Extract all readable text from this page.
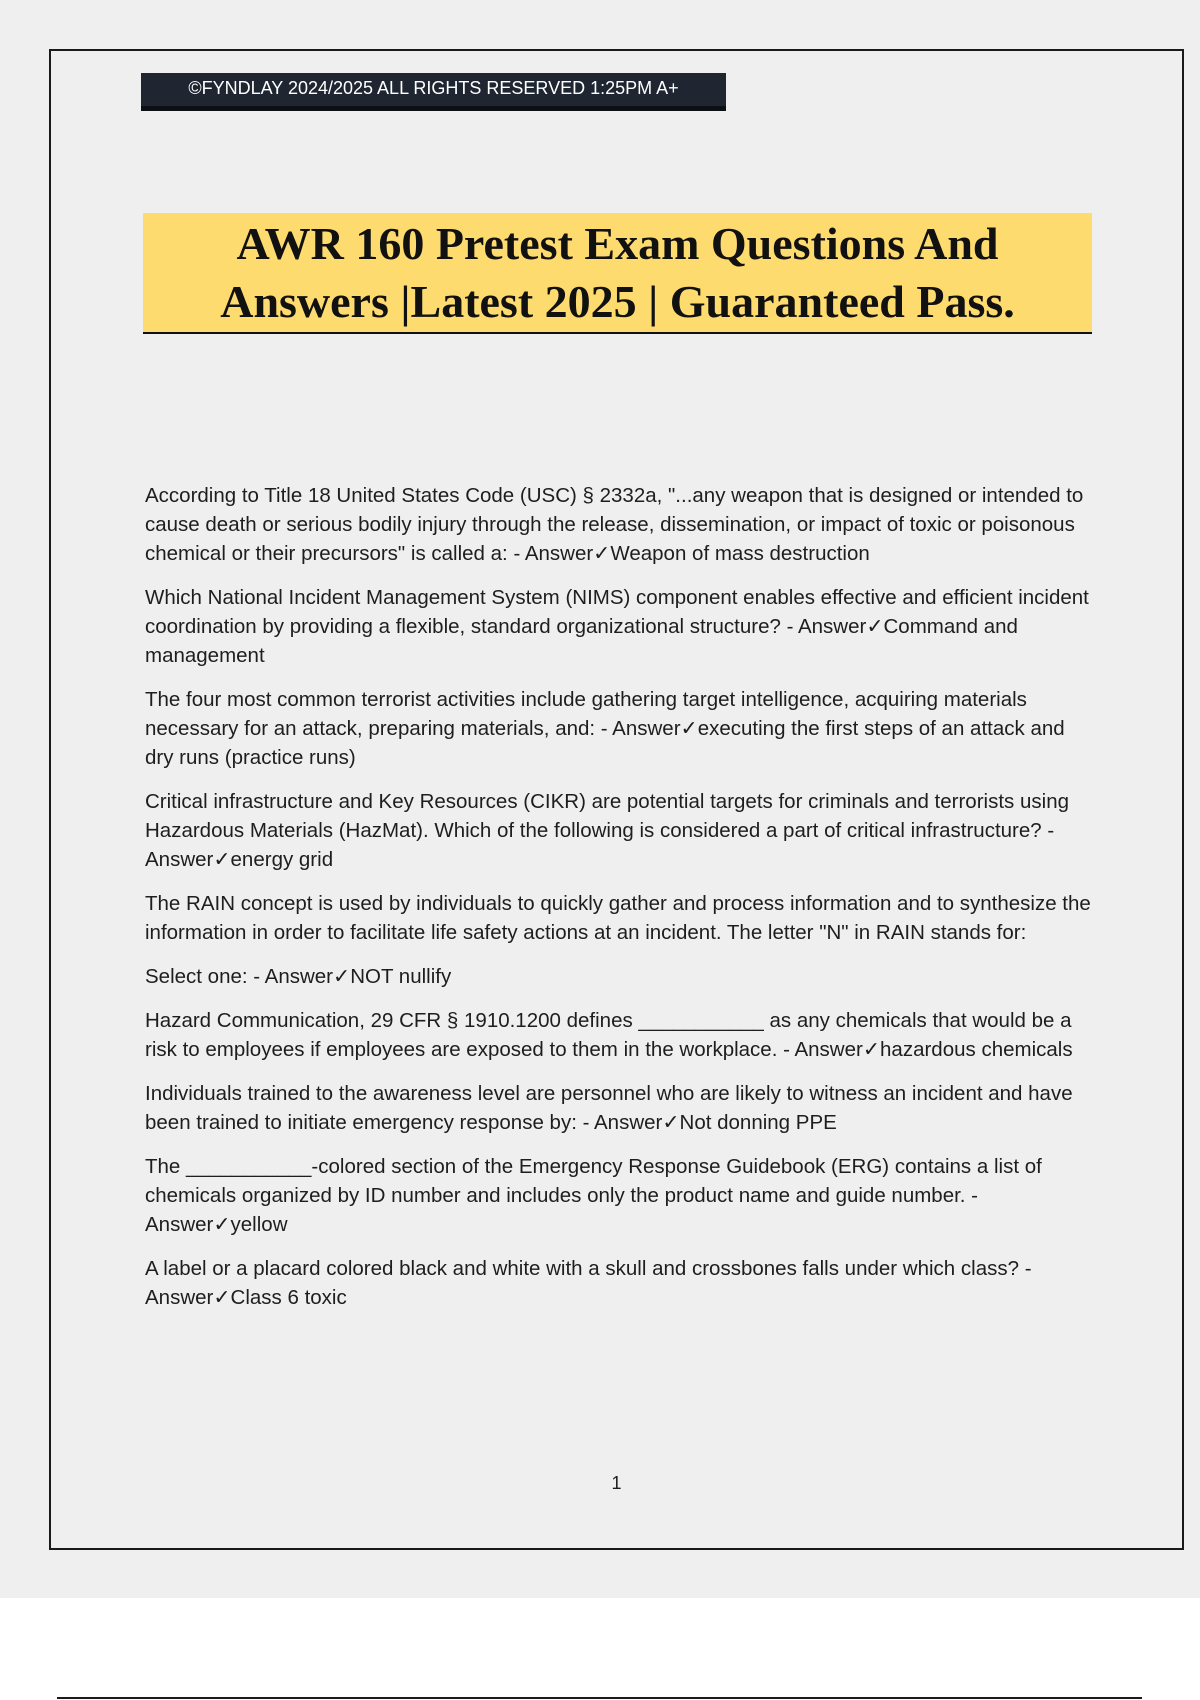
©FYNDLAY 2024/2025 ALL RIGHTS RESERVED 1:25PM A+
AWR 160 Pretest Exam Questions And
Answers |Latest 2025 | Guaranteed Pass.

According to Title 18 United States Code (USC) § 2332a, "...any weapon that is designed or intended to cause death or serious bodily injury through the release, dissemination, or impact of toxic or poisonous chemical or their precursors" is called a: - Answer✓Weapon of mass destruction

Which National Incident Management System (NIMS) component enables effective and efficient incident coordination by providing a flexible, standard organizational structure? - Answer✓Command and management

The four most common terrorist activities include gathering target intelligence, acquiring materials necessary for an attack, preparing materials, and: - Answer✓executing the first steps of an attack and dry runs (practice runs)

Critical infrastructure and Key Resources (CIKR) are potential targets for criminals and terrorists using Hazardous Materials (HazMat). Which of the following is considered a part of critical infrastructure? - Answer✓energy grid

The RAIN concept is used by individuals to quickly gather and process information and to synthesize the information in order to facilitate life safety actions at an incident. The letter "N" in RAIN stands for:

Select one: - Answer✓NOT nullify

Hazard Communication, 29 CFR § 1910.1200 defines ___________ as any chemicals that would be a risk to employees if employees are exposed to them in the workplace. - Answer✓hazardous chemicals

Individuals trained to the awareness level are personnel who are likely to witness an incident and have been trained to initiate emergency response by: - Answer✓Not donning PPE

The ___________-colored section of the Emergency Response Guidebook (ERG) contains a list of chemicals organized by ID number and includes only the product name and guide number. - Answer✓yellow

A label or a placard colored black and white with a skull and crossbones falls under which class? - Answer✓Class 6 toxic

1
